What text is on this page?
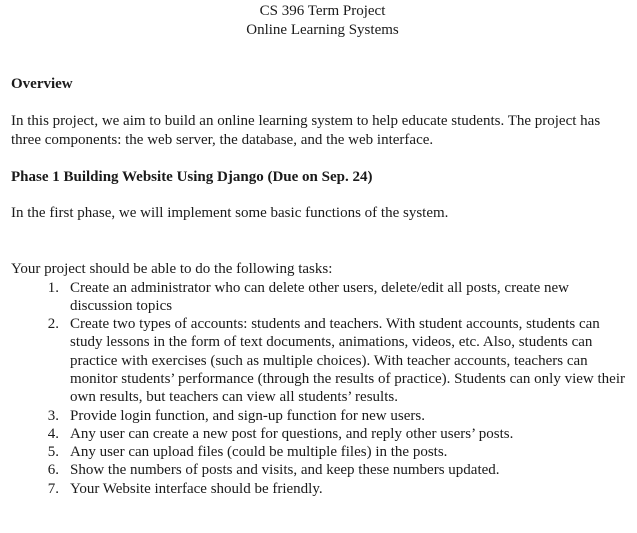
CS 396 Term Project
Online Learning Systems
Overview
In this project, we aim to build an online learning system to help educate students. The project has three components: the web server, the database, and the web interface.
Phase 1 Building Website Using Django (Due on Sep. 24)
In the first phase, we will implement some basic functions of the system.
Your project should be able to do the following tasks:
1. Create an administrator who can delete other users, delete/edit all posts, create new discussion topics
2. Create two types of accounts: students and teachers. With student accounts, students can study lessons in the form of text documents, animations, videos, etc. Also, students can practice with exercises (such as multiple choices). With teacher accounts, teachers can monitor students’ performance (through the results of practice). Students can only view their own results, but teachers can view all students’ results.
3. Provide login function, and sign-up function for new users.
4. Any user can create a new post for questions, and reply other users’ posts.
5. Any user can upload files (could be multiple files) in the posts.
6. Show the numbers of posts and visits, and keep these numbers updated.
7. Your Website interface should be friendly.
